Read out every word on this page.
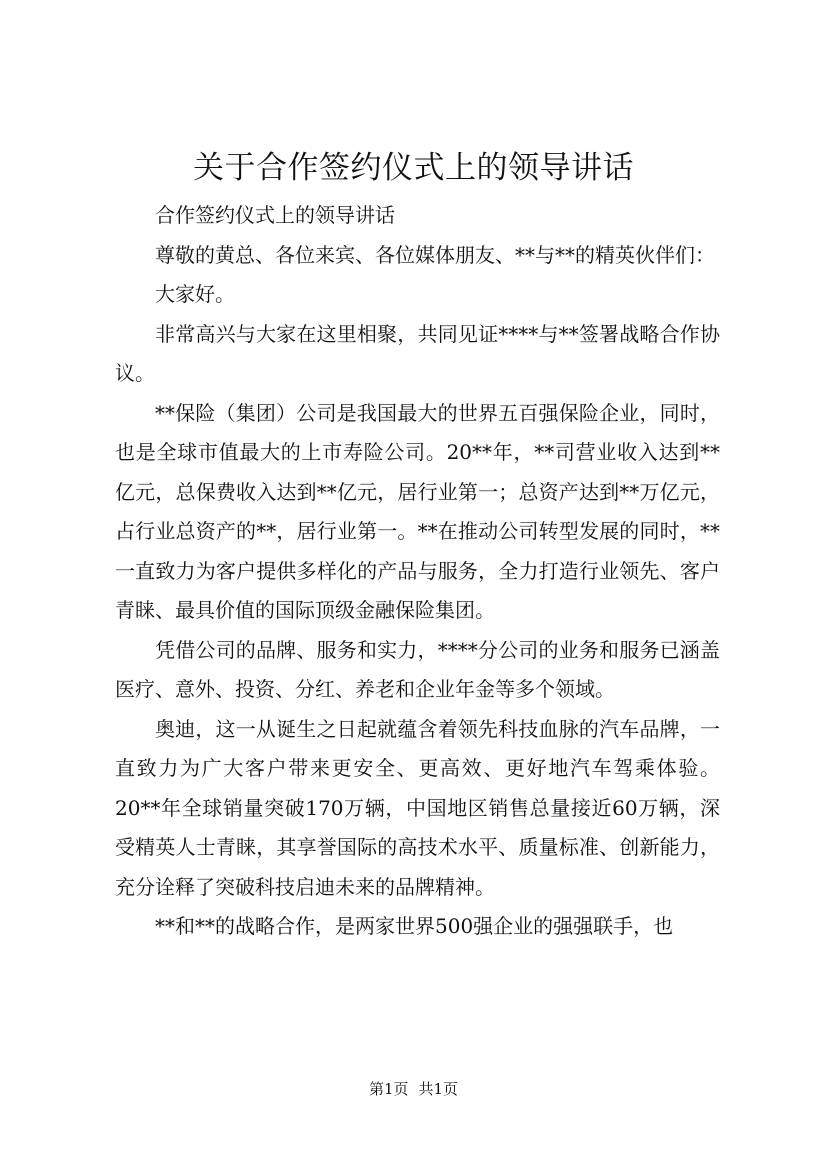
关于合作签约仪式上的领导讲话

合作签约仪式上的领导讲话

尊敬的黄总、各位来宾、各位媒体朋友、**与**的精英伙伴们：

大家好。

非常高兴与大家在这里相聚，共同见证****与**签署战略合作协议。

**保险（集团）公司是我国最大的世界五百强保险企业，同时，也是全球市值最大的上市寿险公司。20**年，**司营业收入达到**亿元，总保费收入达到**亿元，居行业第一；总资产达到**万亿元，占行业总资产的**，居行业第一。**在推动公司转型发展的同时，**一直致力为客户提供多样化的产品与服务，全力打造行业领先、客户青睐、最具价值的国际顶级金融保险集团。

凭借公司的品牌、服务和实力，****分公司的业务和服务已涵盖医疗、意外、投资、分红、养老和企业年金等多个领域。

奥迪，这一从诞生之日起就蕴含着领先科技血脉的汽车品牌，一直致力为广大客户带来更安全、更高效、更好地汽车驾乘体验。20**年全球销量突破170万辆，中国地区销售总量接近60万辆，深受精英人士青睐，其享誉国际的高技术水平、质量标准、创新能力，充分诠释了突破科技启迪未来的品牌精神。

**和**的战略合作，是两家世界500强企业的强强联手，也

第1页 共1页
